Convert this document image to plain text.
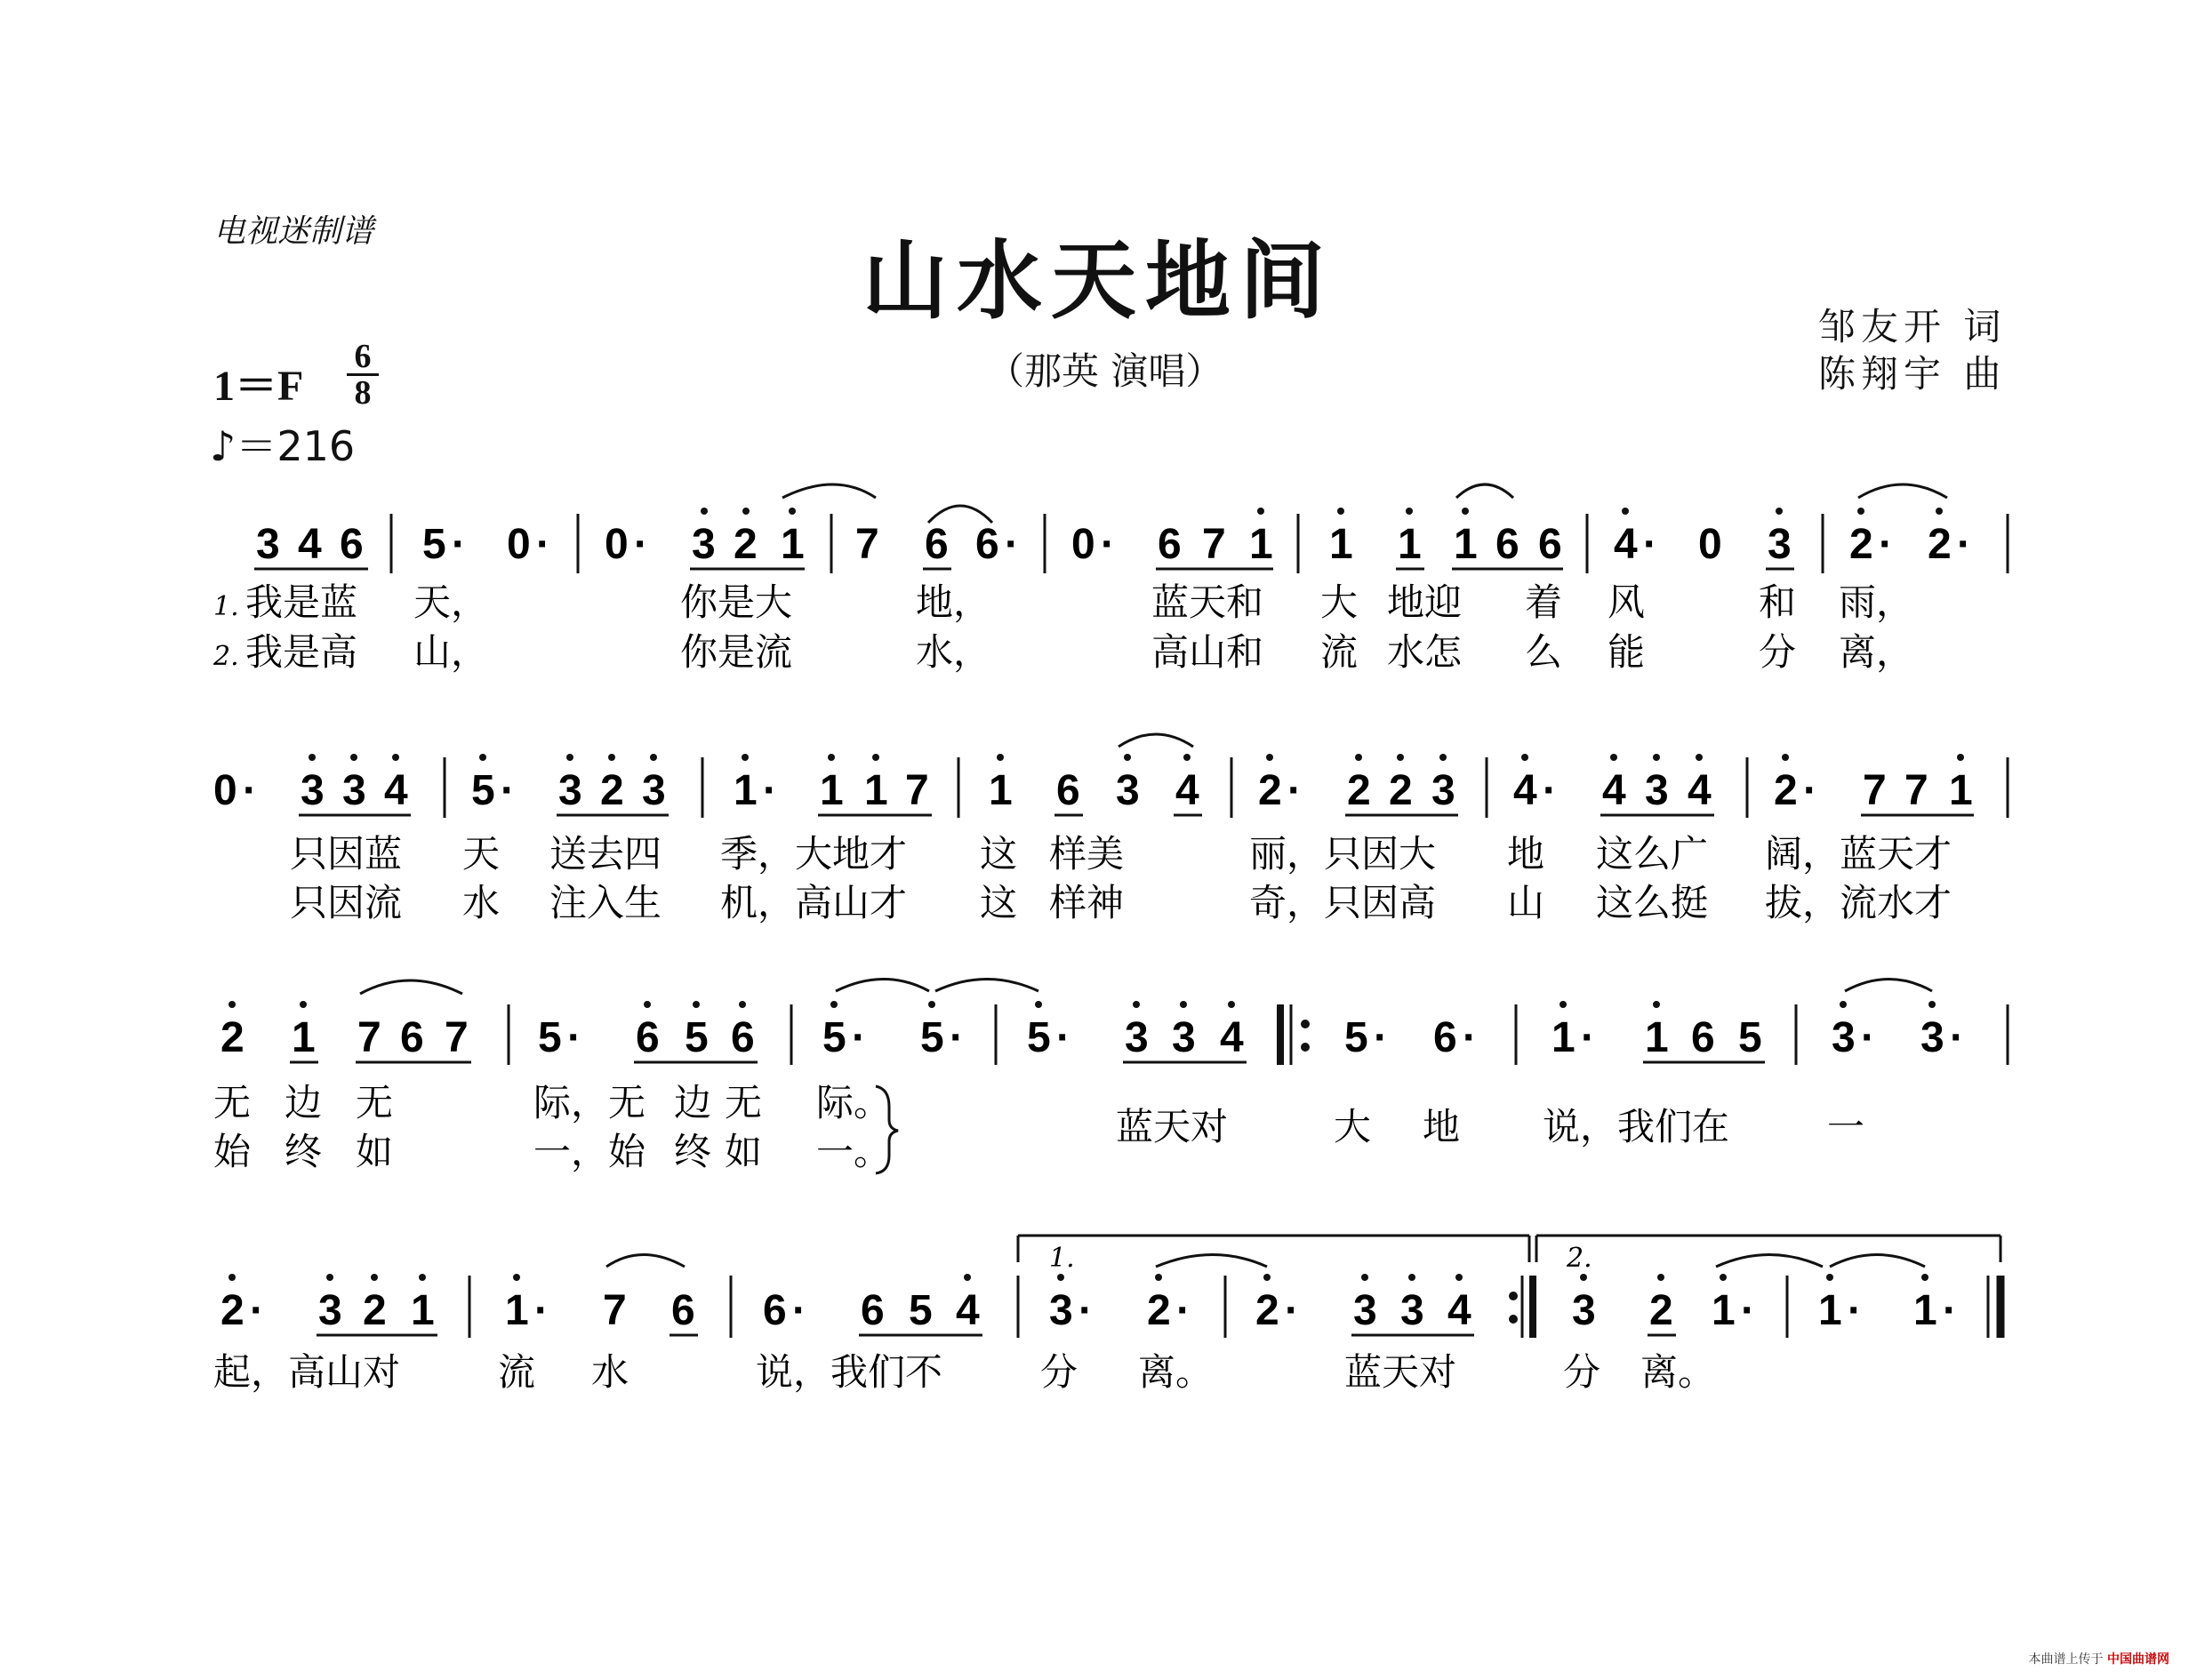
电视迷制谱	山水天地间
（那英 演唱）
邹友开 词
陈翔宇 曲
1＝F
6
8
♪＝216
3 4 6 5 · 0 · 0 · 3 2 1 7 6 6 · 0 · 6 7 1 1 1 1 6 6 4 · 0 3 2 · 2 ·
1.
2.
我是蓝 天，	你是大	地，	蓝天和 大 地迎 着 风	和 雨，
我是高 山，	你是流	水，	高山和 流 水怎 么 能	分 离，
0 · 3 3 4 5 · 3 2 3 1 · 1 1 7 1 6 3 4 2 · 2 2 3 4 · 4 3 4 2 · 7 7 1
只因蓝 天 送去四 季，大地才 这 样美	丽，只因大 地 这么广 阔，蓝天才
只因流 水 注入生 机，高山才 这 样神	奇，只因高 山 这么挺 拔，流水才
2 1 7 6 7 5 · 6 5 6 5 · 5 · 5 · 3 3 4 5 · 6 · 1 · 1 6 5 3 · 3 ·
无 边 无	际，无 边 无 际。
始 终 如	一，始 终 如 一。
蓝天对	大 地 说，我们在	一
1.	2.
2 · 3 2 1 1 · 7 6 6 · 6 5 4 3 · 2 · 2 · 3 3 4 3 2 1 · 1 · 1 ·
起，高山对	流 水	说，我们不	分 离。	蓝天对	分 离。
本曲谱上传于 中国曲谱网
